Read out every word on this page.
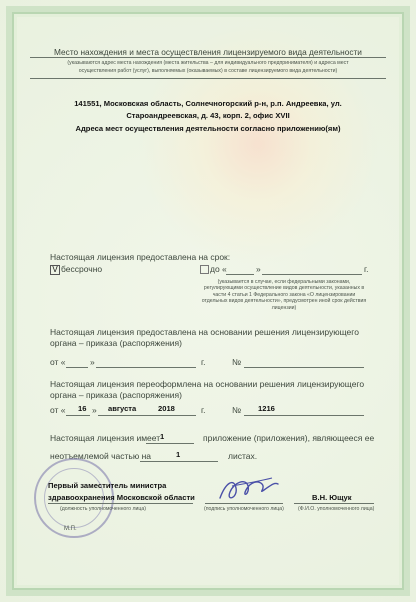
Место нахождения и места осуществления лицензируемого вида деятельности
(указываются адрес места нахождения (места жительства – для индивидуального предпринимателя) и адреса мест
осуществления работ (услуг), выполняемых (оказываемых) в составе лицензируемого вида деятельности)
141551, Московская область, Солнечногорский р-н, р.п. Андреевка, ул.
Староандреевская, д. 43, корп. 2, офис XVII
Адреса мест осуществления деятельности согласно приложению(ям)
Настоящая лицензия предоставлена на срок:
V бессрочно	до «	»	г.
(указывается в случае, если федеральными законами, регулирующими осуществление видов деятельности, указанных в части 4 статьи 1 Федерального закона «О лицензировании отдельных видов деятельности», предусмотрен иной срок действия лицензии)
Настоящая лицензия предоставлена на основании решения лицензирующего
органа – приказа (распоряжения)
от «	»	г.	№
Настоящая лицензия переоформлена на основании решения лицензирующего
органа – приказа (распоряжения)
от « 16 » августа	2018	г.	№ 1216
Настоящая лицензия имеет 1	приложение (приложения), являющееся ее
неотъемлемой частью на	1	листах.
Первый заместитель министра
здравоохранения Московской области
(должность уполномоченного лица)	(подпись уполномоченного лица)
В.Н. Ющук
(Ф.И.О. уполномоченного лица)
М.П.
